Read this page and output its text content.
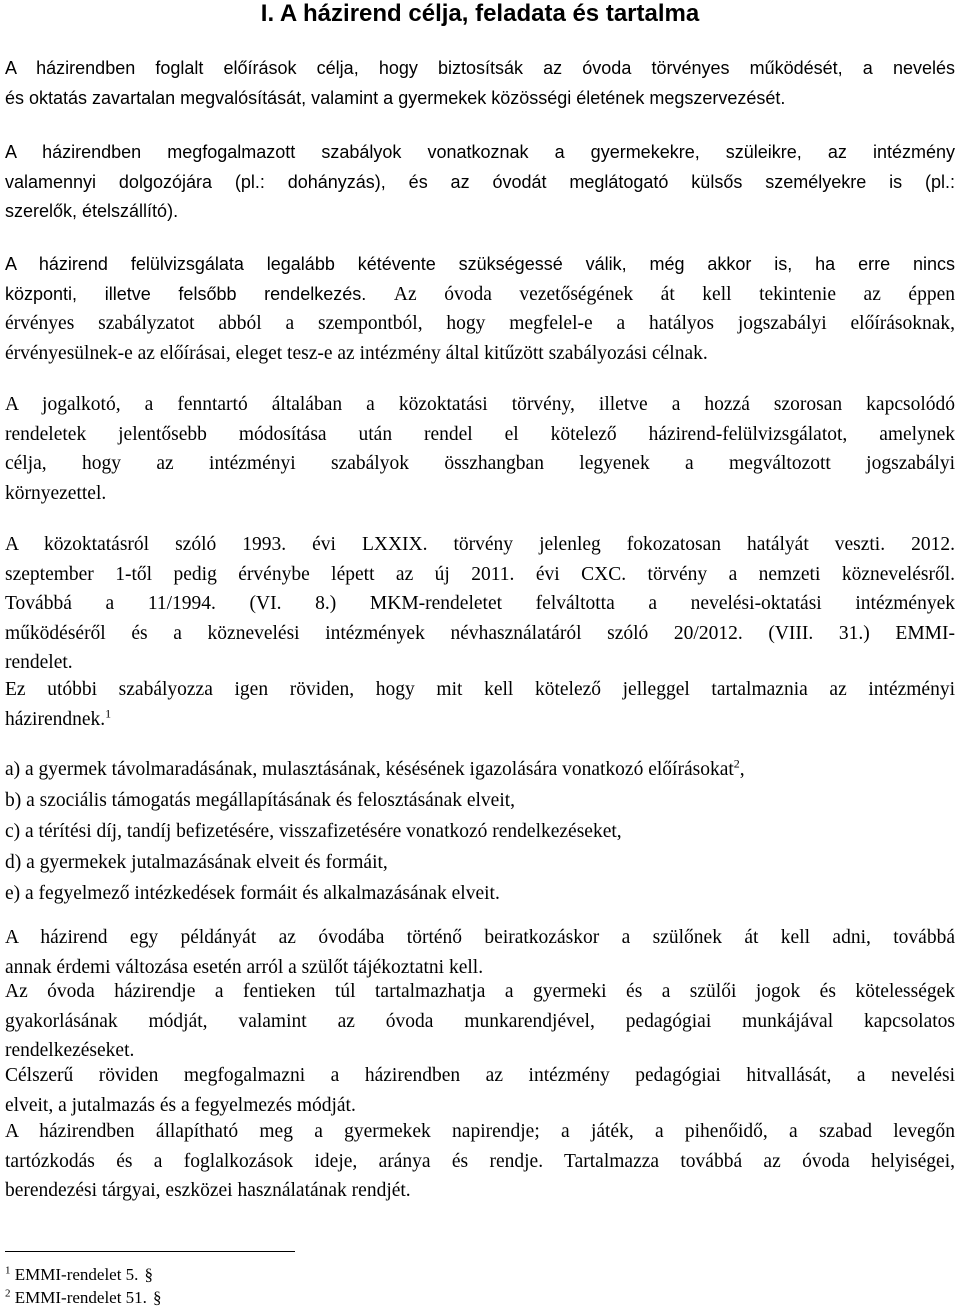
I. A házirend célja, feladata és tartalma

A házirendben foglalt előírások célja, hogy biztosítsák az óvoda törvényes működését, a nevelés
és oktatás zavartalan megvalósítását, valamint a gyermekek közösségi életének megszervezését.

A házirendben megfogalmazott szabályok vonatkoznak a gyermekekre, szüleikre, az intézmény
valamennyi dolgozójára (pl.: dohányzás), és az óvodát meglátogató külsős személyekre is (pl.:
szerelők, ételszállító).

A házirend felülvizsgálata legalább kétévente szükségessé válik, még akkor is, ha erre nincs
központi, illetve felsőbb rendelkezés. Az óvoda vezetőségének át kell tekintenie az éppen
érvényes szabályzatot abból a szempontból, hogy megfelel-e a hatályos jogszabályi előírásoknak,
érvényesülnek-e az előírásai, eleget tesz-e az intézmény által kitűzött szabályozási célnak.

A jogalkotó, a fenntartó általában a közoktatási törvény, illetve a hozzá szorosan kapcsolódó
rendeletek jelentősebb módosítása után rendel el kötelező házirend-felülvizsgálatot, amelynek
célja, hogy az intézményi szabályok összhangban legyenek a megváltozott jogszabályi
környezettel.

A közoktatásról szóló 1993. évi LXXIX. törvény jelenleg fokozatosan hatályát veszti. 2012.
szeptember 1-től pedig érvénybe lépett az új 2011. évi CXC. törvény a nemzeti köznevelésről.
Továbbá a 11/1994. (VI. 8.) MKM-rendeletet felváltotta a nevelési-oktatási intézmények
működéséről és a köznevelési intézmények névhasználatáról szóló 20/2012. (VIII. 31.) EMMI-
rendelet.

Ez utóbbi szabályozza igen röviden, hogy mit kell kötelező jelleggel tartalmaznia az intézményi
házirendnek.$^1$

a) a gyermek távolmaradásának, mulasztásának, késésének igazolására vonatkozó előírásokat$^2$,
b) a szociális támogatás megállapításának és felosztásának elveit,
c) a térítési díj, tandíj befizetésére, visszafizetésére vonatkozó rendelkezéseket,
d) a gyermekek jutalmazásának elveit és formáit,
e) a fegyelmező intézkedések formáit és alkalmazásának elveit.

A házirend egy példányát az óvodába történő beiratkozáskor a szülőnek át kell adni, továbbá
annak érdemi változása esetén arról a szülőt tájékoztatni kell.

Az óvoda házirendje a fentieken túl tartalmazhatja a gyermeki és a szülői jogok és kötelességek
gyakorlásának módját, valamint az óvoda munkarendjével, pedagógiai munkájával kapcsolatos
rendelkezéseket.

Célszerű röviden megfogalmazni a házirendben az intézmény pedagógiai hitvallását, a nevelési
elveit, a jutalmazás és a fegyelmezés módját.

A házirendben állapítható meg a gyermekek napirendje; a játék, a pihenőidő, a szabad levegőn
tartózkodás és a foglalkozások ideje, aránya és rendje. Tartalmazza továbbá az óvoda helyiségei,
berendezési tárgyai, eszközei használatának rendjét.

$^1$ EMMI-rendelet 5. §

$^2$ EMMI-rendelet 51. §
